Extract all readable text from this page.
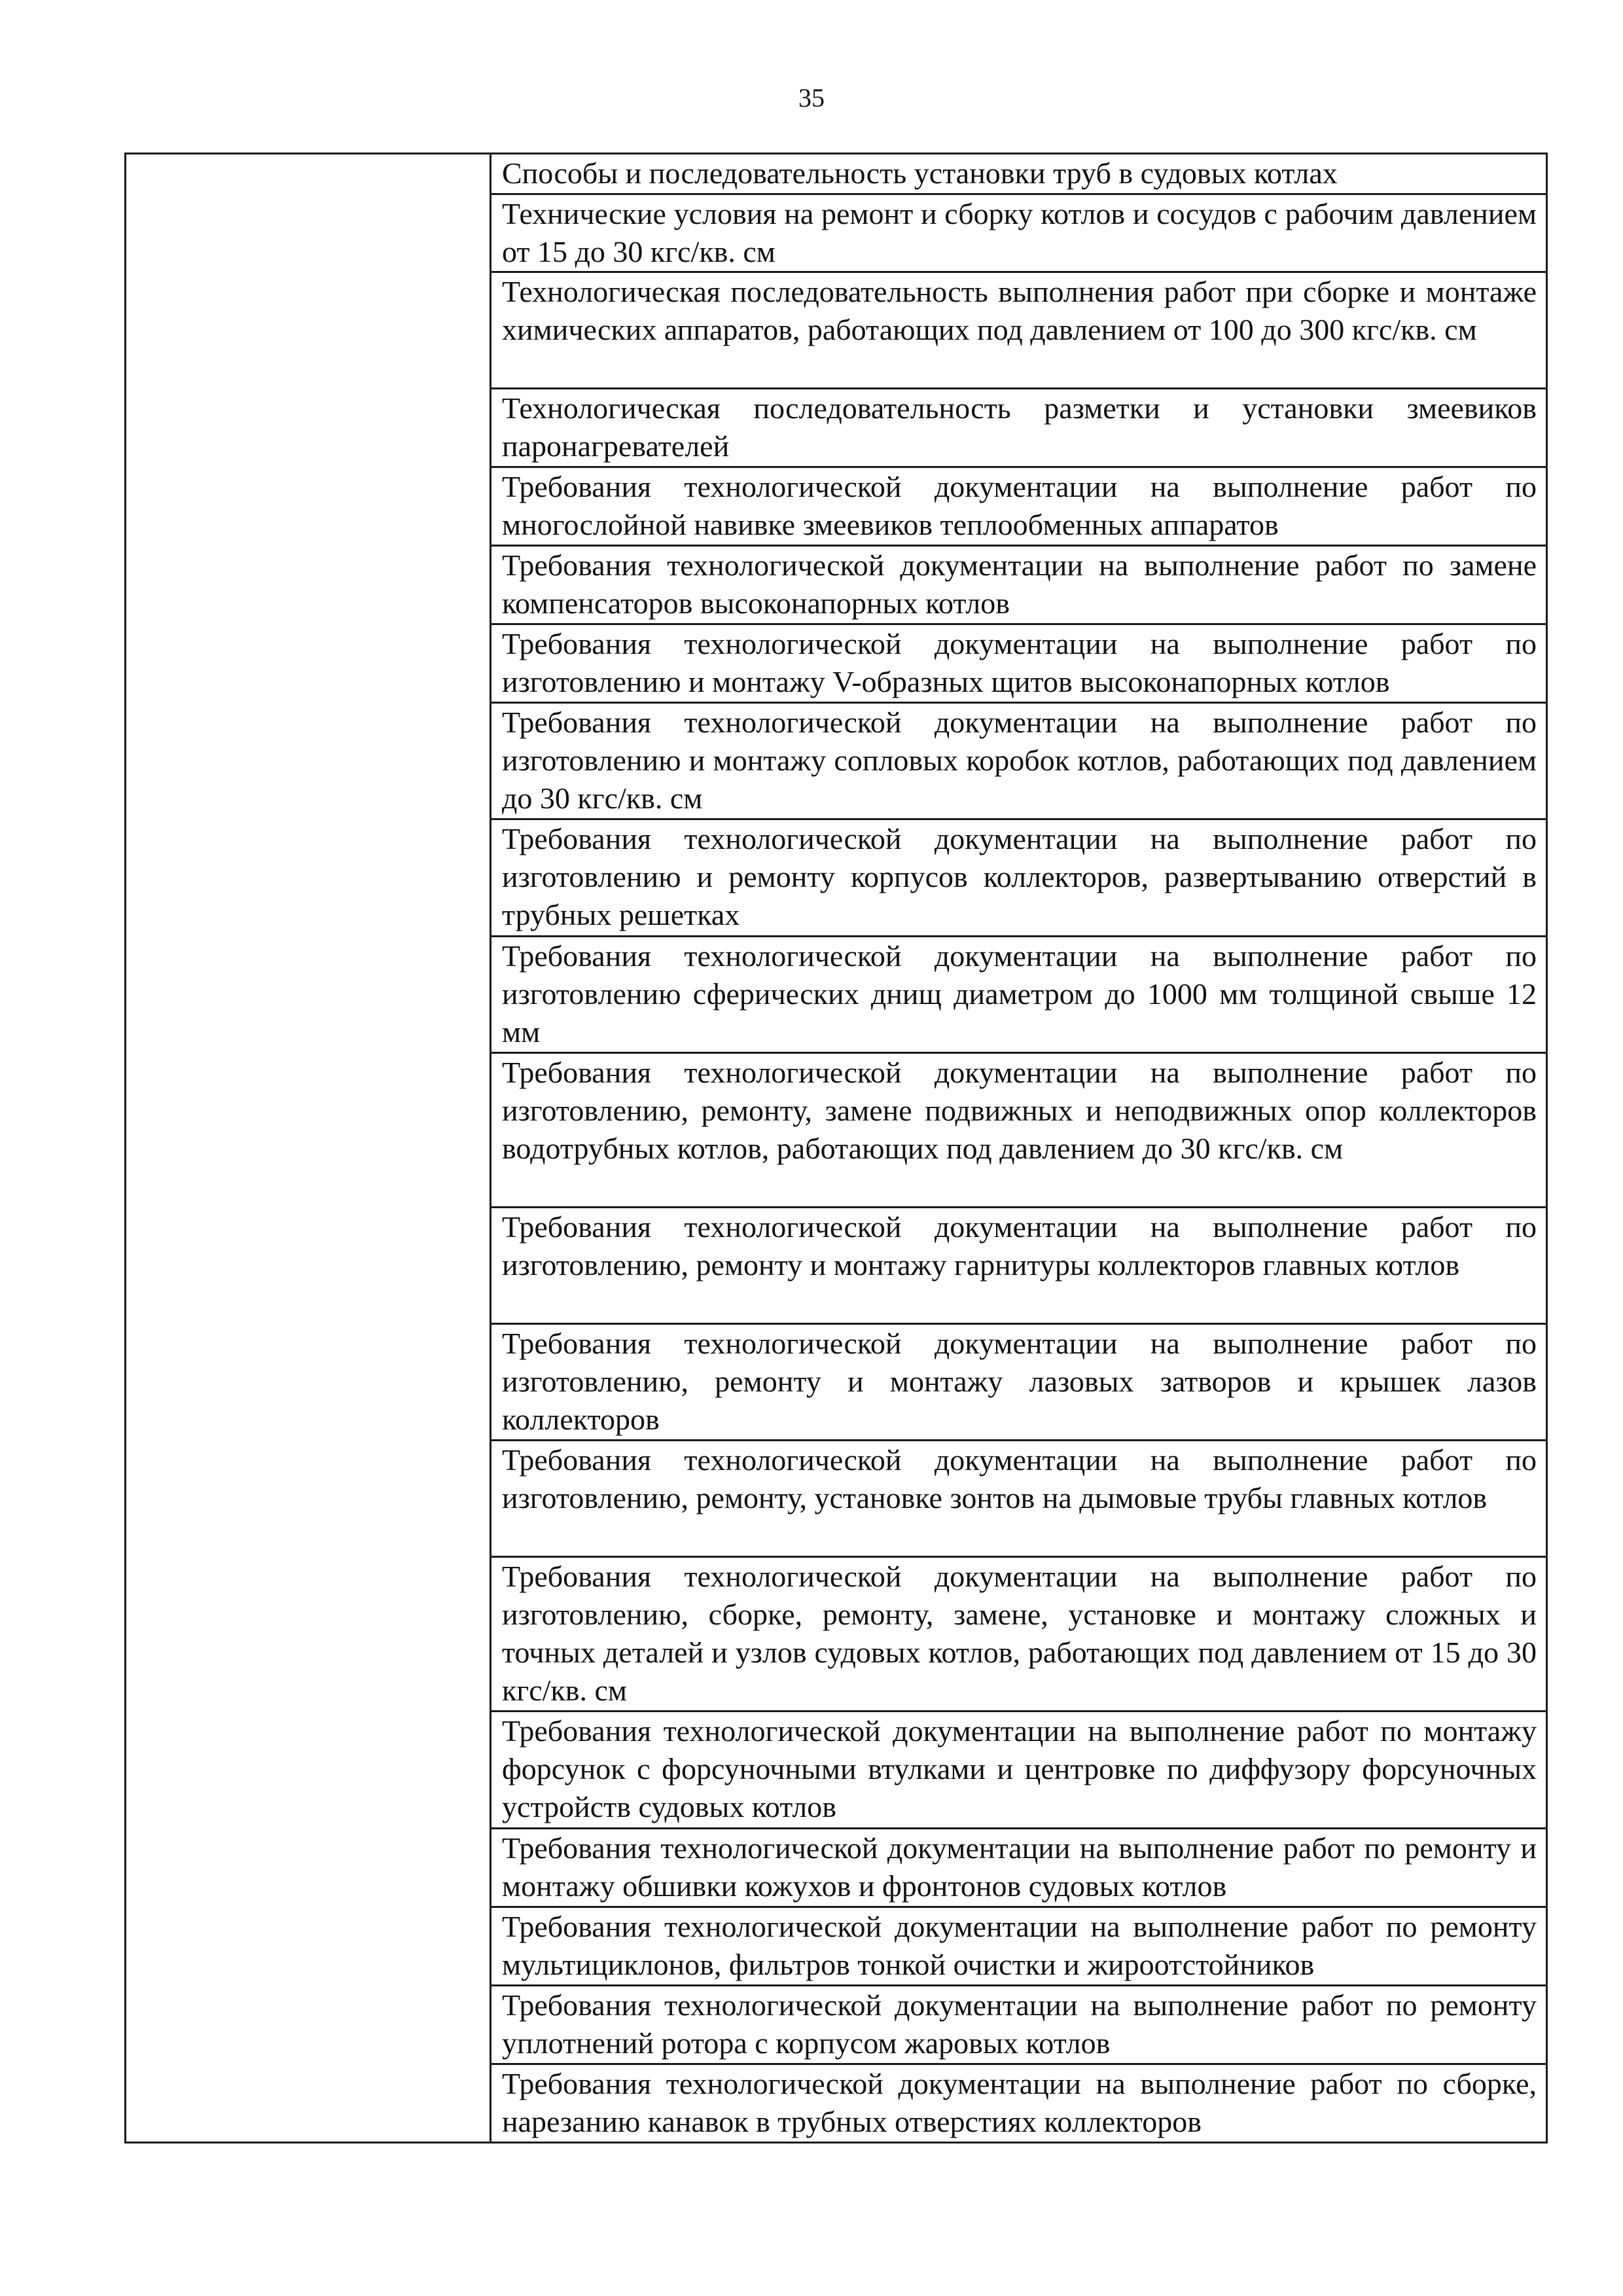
35

Способы и последовательность установки труб в судовых котлах

Технические условия на ремонт и сборку котлов и сосудов с рабочим давлением от 15 до 30 кгс/кв. см

Технологическая последовательность выполнения работ при сборке и монтаже химических аппаратов, работающих под давлением от 100 до 300 кгс/кв. см

Технологическая последовательность разметки и установки змеевиков паронагревателей

Требования технологической документации на выполнение работ по многослойной навивке змеевиков теплообменных аппаратов

Требования технологической документации на выполнение работ по замене компенсаторов высоконапорных котлов

Требования технологической документации на выполнение работ по изготовлению и монтажу V-образных щитов высоконапорных котлов

Требования технологической документации на выполнение работ по изготовлению и монтажу сопловых коробок котлов, работающих под давлением до 30 кгс/кв. см

Требования технологической документации на выполнение работ по изготовлению и ремонту корпусов коллекторов, развертыванию отверстий в трубных решетках

Требования технологической документации на выполнение работ по изготовлению сферических днищ диаметром до 1000 мм толщиной свыше 12 мм

Требования технологической документации на выполнение работ по изготовлению, ремонту, замене подвижных и неподвижных опор коллекторов водотрубных котлов, работающих под давлением до 30 кгс/кв. см

Требования технологической документации на выполнение работ по изготовлению, ремонту и монтажу гарнитуры коллекторов главных котлов

Требования технологической документации на выполнение работ по изготовлению, ремонту и монтажу лазовых затворов и крышек лазов коллекторов

Требования технологической документации на выполнение работ по изготовлению, ремонту, установке зонтов на дымовые трубы главных котлов

Требования технологической документации на выполнение работ по изготовлению, сборке, ремонту, замене, установке и монтажу сложных и точных деталей и узлов судовых котлов, работающих под давлением от 15 до 30 кгс/кв. см

Требования технологической документации на выполнение работ по монтажу форсунок с форсуночными втулками и центровке по диффузору форсуночных устройств судовых котлов

Требования технологической документации на выполнение работ по ремонту и монтажу обшивки кожухов и фронтонов судовых котлов

Требования технологической документации на выполнение работ по ремонту мультициклонов, фильтров тонкой очистки и жироотстойников

Требования технологической документации на выполнение работ по ремонту уплотнений ротора с корпусом жаровых котлов

Требования технологической документации на выполнение работ по сборке, нарезанию канавок в трубных отверстиях коллекторов
